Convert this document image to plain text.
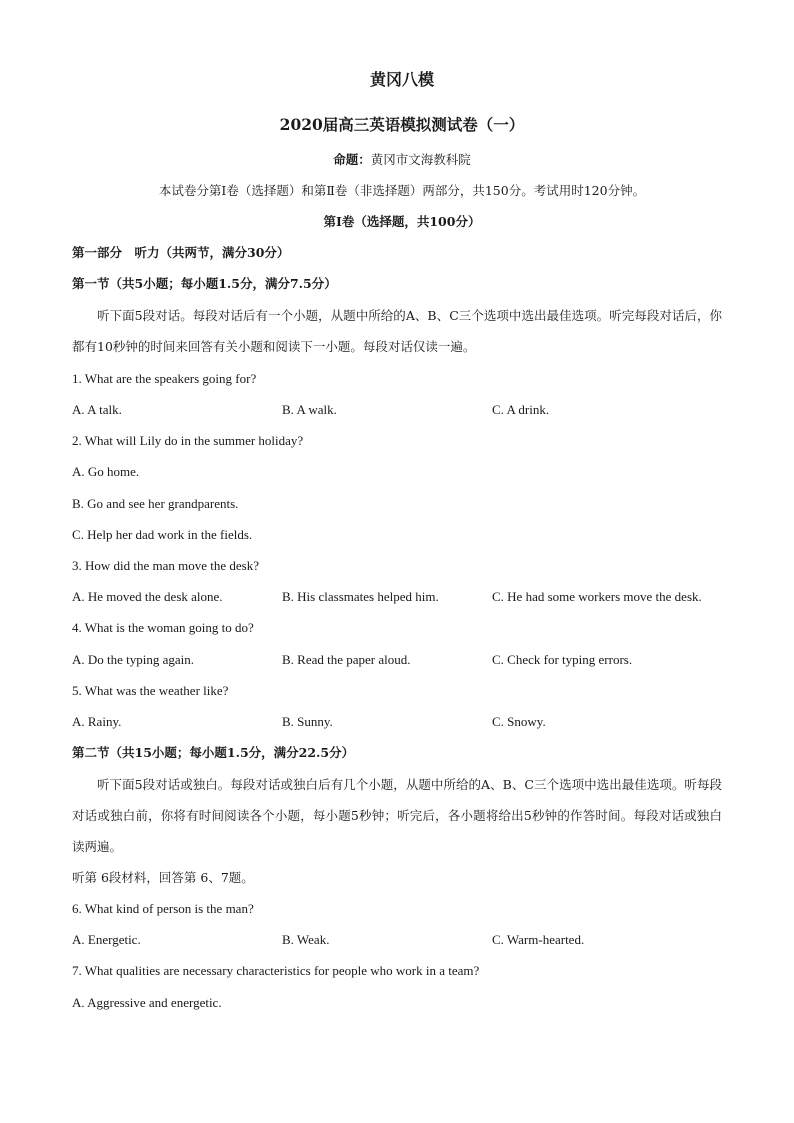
黄冈八模
2020届高三英语模拟测试卷（一）
命题：黄冈市文海教科院
本试卷分第Ⅰ卷（选择题）和第Ⅱ卷（非选择题）两部分，共150分。考试用时120分钟。
第Ⅰ卷（选择题，共100分）
第一部分　听力（共两节，满分30分）
第一节（共5小题；每小题1.5分，满分7.5分）
听下面5段对话。每段对话后有一个小题，从题中所给的A、B、C三个选项中选出最佳选项。听完每段对话后，你都有10秒钟的时间来回答有关小题和阅读下一小题。每段对话仅读一遍。
1. What are the speakers going for?
A. A talk.	B. A walk.	C. A drink.
2. What will Lily do in the summer holiday?
A. Go home.
B. Go and see her grandparents.
C. Help her dad work in the fields.
3. How did the man move the desk?
A. He moved the desk alone.	B. His classmates helped him.	C. He had some workers move the desk.
4. What is the woman going to do?
A. Do the typing again.	B. Read the paper aloud.	C. Check for typing errors.
5. What was the weather like?
A. Rainy.	B. Sunny.	C. Snowy.
第二节（共15小题；每小题1.5分，满分22.5分）
听下面5段对话或独白。每段对话或独白后有几个小题，从题中所给的A、B、C三个选项中选出最佳选项。听每段对话或独白前，你将有时间阅读各个小题，每小题5秒钟；听完后，各小题将给出5秒钟的作答时间。每段对话或独白读两遍。
听第 6段材料，回答第 6、7题。
6. What kind of person is the man?
A. Energetic.	B. Weak.	C. Warm-hearted.
7. What qualities are necessary characteristics for people who work in a team?
A. Aggressive and energetic.
